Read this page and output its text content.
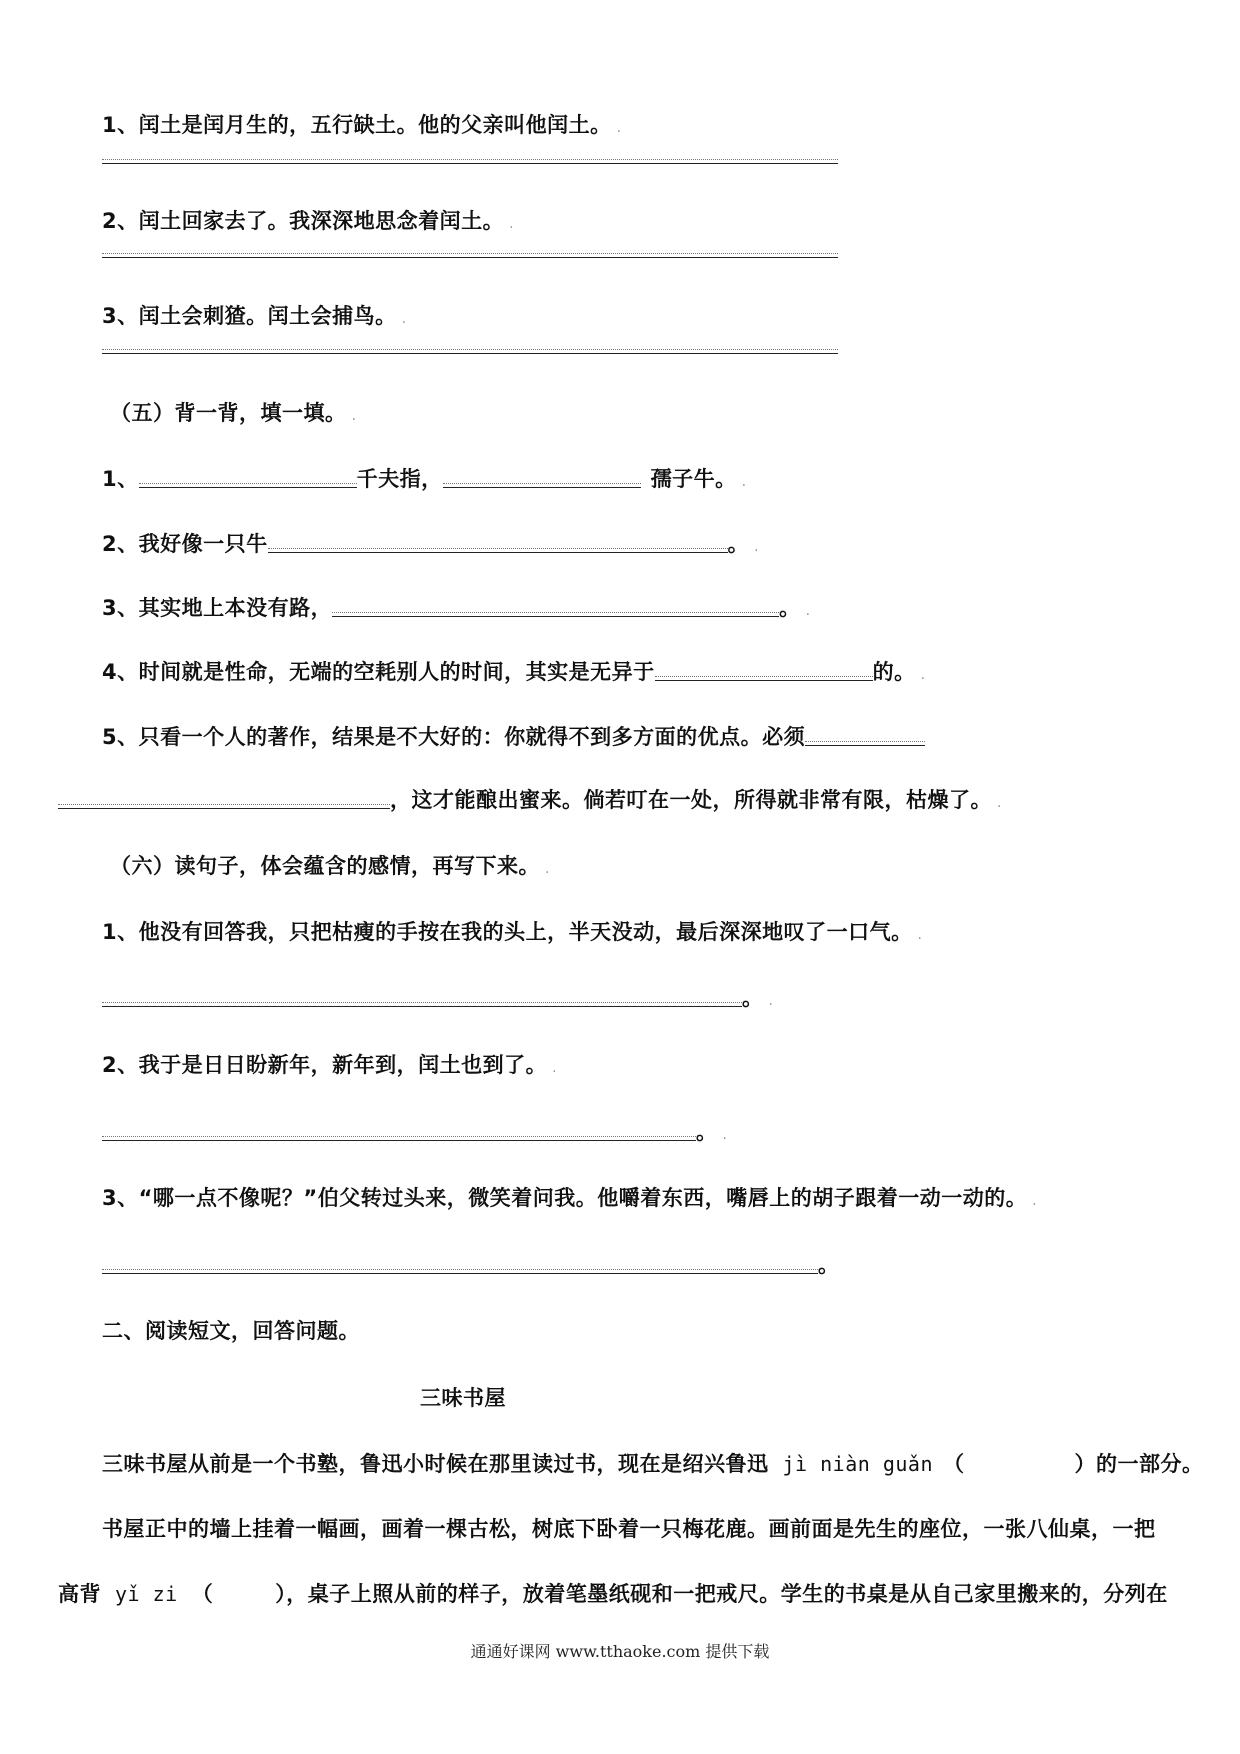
1、闰土是闰月生的，五行缺土。他的父亲叫他闰土。 .
2、闰土回家去了。我深深地思念着闰土。 .
3、闰土会刺猹。闰土会捕鸟。 .
（五）背一背，填一填。 .
1、	千夫指，	孺子牛。 .
2、我好像一只牛	。 .
3、其实地上本没有路，	。 .
4、时间就是性命，无端的空耗别人的时间，其实是无异于	的。 .
5、只看一个人的著作，结果是不大好的：你就得不到多方面的优点。必须
，这才能酿出蜜来。倘若叮在一处，所得就非常有限，枯燥了。 .
（六）读句子，体会蕴含的感情，再写下来。 .
1、他没有回答我，只把枯瘦的手按在我的头上，半天没动，最后深深地叹了一口气。 .
。 .
2、我于是日日盼新年，新年到，闰土也到了。 .
。 .
3、“哪一点不像呢？”伯父转过头来，微笑着问我。他嚼着东西，嘴唇上的胡子跟着一动一动的。 .
。
二、阅读短文，回答问题。
三味书屋
三味书屋从前是一个书塾，鲁迅小时候在那里读过书，现在是绍兴鲁迅 jì niàn guǎn （	）的一部分。
书屋正中的墙上挂着一幅画，画着一棵古松，树底下卧着一只梅花鹿。画前面是先生的座位，一张八仙桌，一把
高背 yǐ zi （	），桌子上照从前的样子，放着笔墨纸砚和一把戒尺。学生的书桌是从自己家里搬来的，分列在
通通好课网 www.tthaoke.com 提供下载
